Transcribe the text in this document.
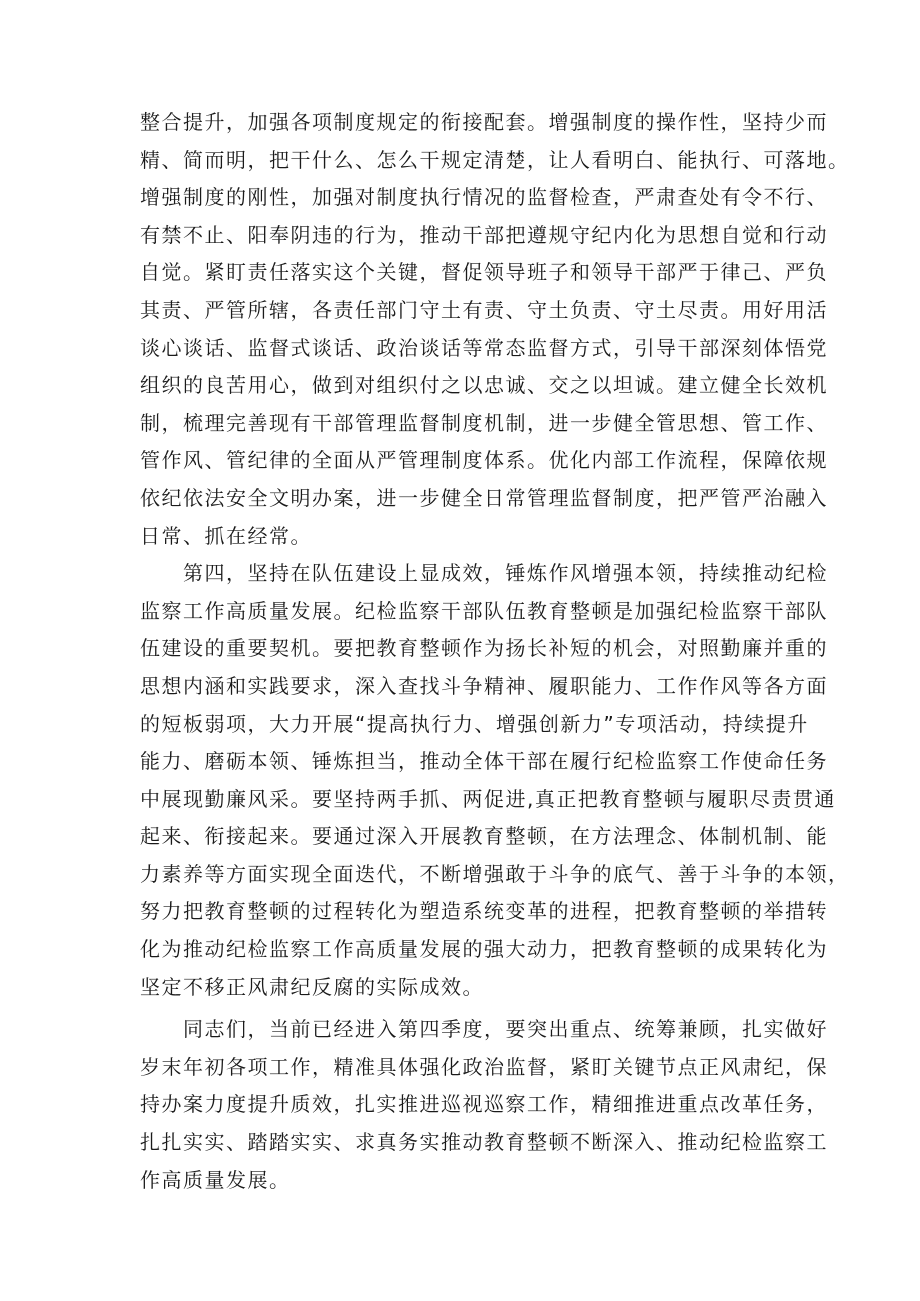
整合提升，加强各项制度规定的衔接配套。增强制度的操作性，坚持少而
精、简而明，把干什么、怎么干规定清楚，让人看明白、能执行、可落地。
增强制度的刚性，加强对制度执行情况的监督检查，严肃查处有令不行、
有禁不止、阳奉阴违的行为，推动干部把遵规守纪内化为思想自觉和行动
自觉。紧盯责任落实这个关键，督促领导班子和领导干部严于律己、严负
其责、严管所辖，各责任部门守土有责、守土负责、守土尽责。用好用活
谈心谈话、监督式谈话、政治谈话等常态监督方式，引导干部深刻体悟党
组织的良苦用心，做到对组织付之以忠诚、交之以坦诚。建立健全长效机
制，梳理完善现有干部管理监督制度机制，进一步健全管思想、管工作、
管作风、管纪律的全面从严管理制度体系。优化内部工作流程，保障依规
依纪依法安全文明办案，进一步健全日常管理监督制度，把严管严治融入
日常、抓在经常。
　　第四，坚持在队伍建设上显成效，锤炼作风增强本领，持续推动纪检
监察工作高质量发展。纪检监察干部队伍教育整顿是加强纪检监察干部队
伍建设的重要契机。要把教育整顿作为扬长补短的机会，对照勤廉并重的
思想内涵和实践要求，深入查找斗争精神、履职能力、工作作风等各方面
的短板弱项，大力开展“提高执行力、增强创新力”专项活动，持续提升
能力、磨砺本领、锤炼担当，推动全体干部在履行纪检监察工作使命任务
中展现勤廉风采。要坚持两手抓、两促进,真正把教育整顿与履职尽责贯通
起来、衔接起来。要通过深入开展教育整顿，在方法理念、体制机制、能
力素养等方面实现全面迭代，不断增强敢于斗争的底气、善于斗争的本领，
努力把教育整顿的过程转化为塑造系统变革的进程，把教育整顿的举措转
化为推动纪检监察工作高质量发展的强大动力，把教育整顿的成果转化为
坚定不移正风肃纪反腐的实际成效。
　　同志们，当前已经进入第四季度，要突出重点、统筹兼顾，扎实做好
岁末年初各项工作，精准具体强化政治监督，紧盯关键节点正风肃纪，保
持办案力度提升质效，扎实推进巡视巡察工作，精细推进重点改革任务，
扎扎实实、踏踏实实、求真务实推动教育整顿不断深入、推动纪检监察工
作高质量发展。
